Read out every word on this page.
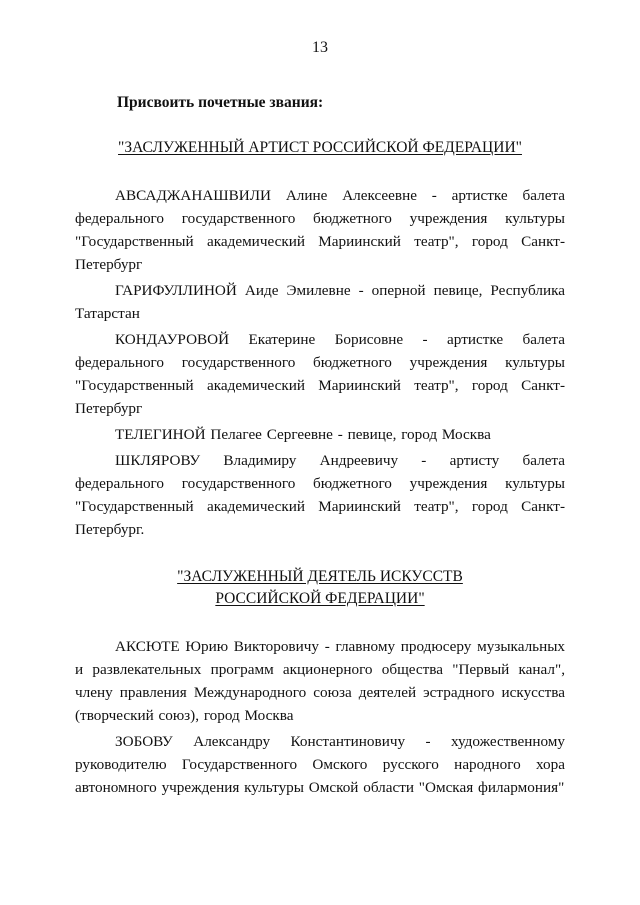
13
Присвоить почетные звания:
"ЗАСЛУЖЕННЫЙ АРТИСТ РОССИЙСКОЙ ФЕДЕРАЦИИ"

АВСАДЖАНАШВИЛИ Алине Алексеевне - артистке балета федерального государственного бюджетного учреждения культуры "Государственный академический Мариинский театр", город Санкт-Петербург

ГАРИФУЛЛИНОЙ Аиде Эмилевне - оперной певице, Республика Татарстан

КОНДАУРОВОЙ Екатерине Борисовне - артистке балета федерального государственного бюджетного учреждения культуры "Государственный академический Мариинский театр", город Санкт-Петербург

ТЕЛЕГИНОЙ Пелагее Сергеевне - певице, город Москва

ШКЛЯРОВУ Владимиру Андреевичу - артисту балета федерального государственного бюджетного учреждения культуры "Государственный академический Мариинский театр", город Санкт-Петербург.

"ЗАСЛУЖЕННЫЙ ДЕЯТЕЛЬ ИСКУССТВ
РОССИЙСКОЙ ФЕДЕРАЦИИ"

АКСЮТЕ Юрию Викторовичу - главному продюсеру музыкальных и развлекательных программ акционерного общества "Первый канал", члену правления Международного союза деятелей эстрадного искусства (творческий союз), город Москва

ЗОБОВУ Александру Константиновичу - художественному руководителю Государственного Омского русского народного хора автономного учреждения культуры Омской области "Омская филармония"
